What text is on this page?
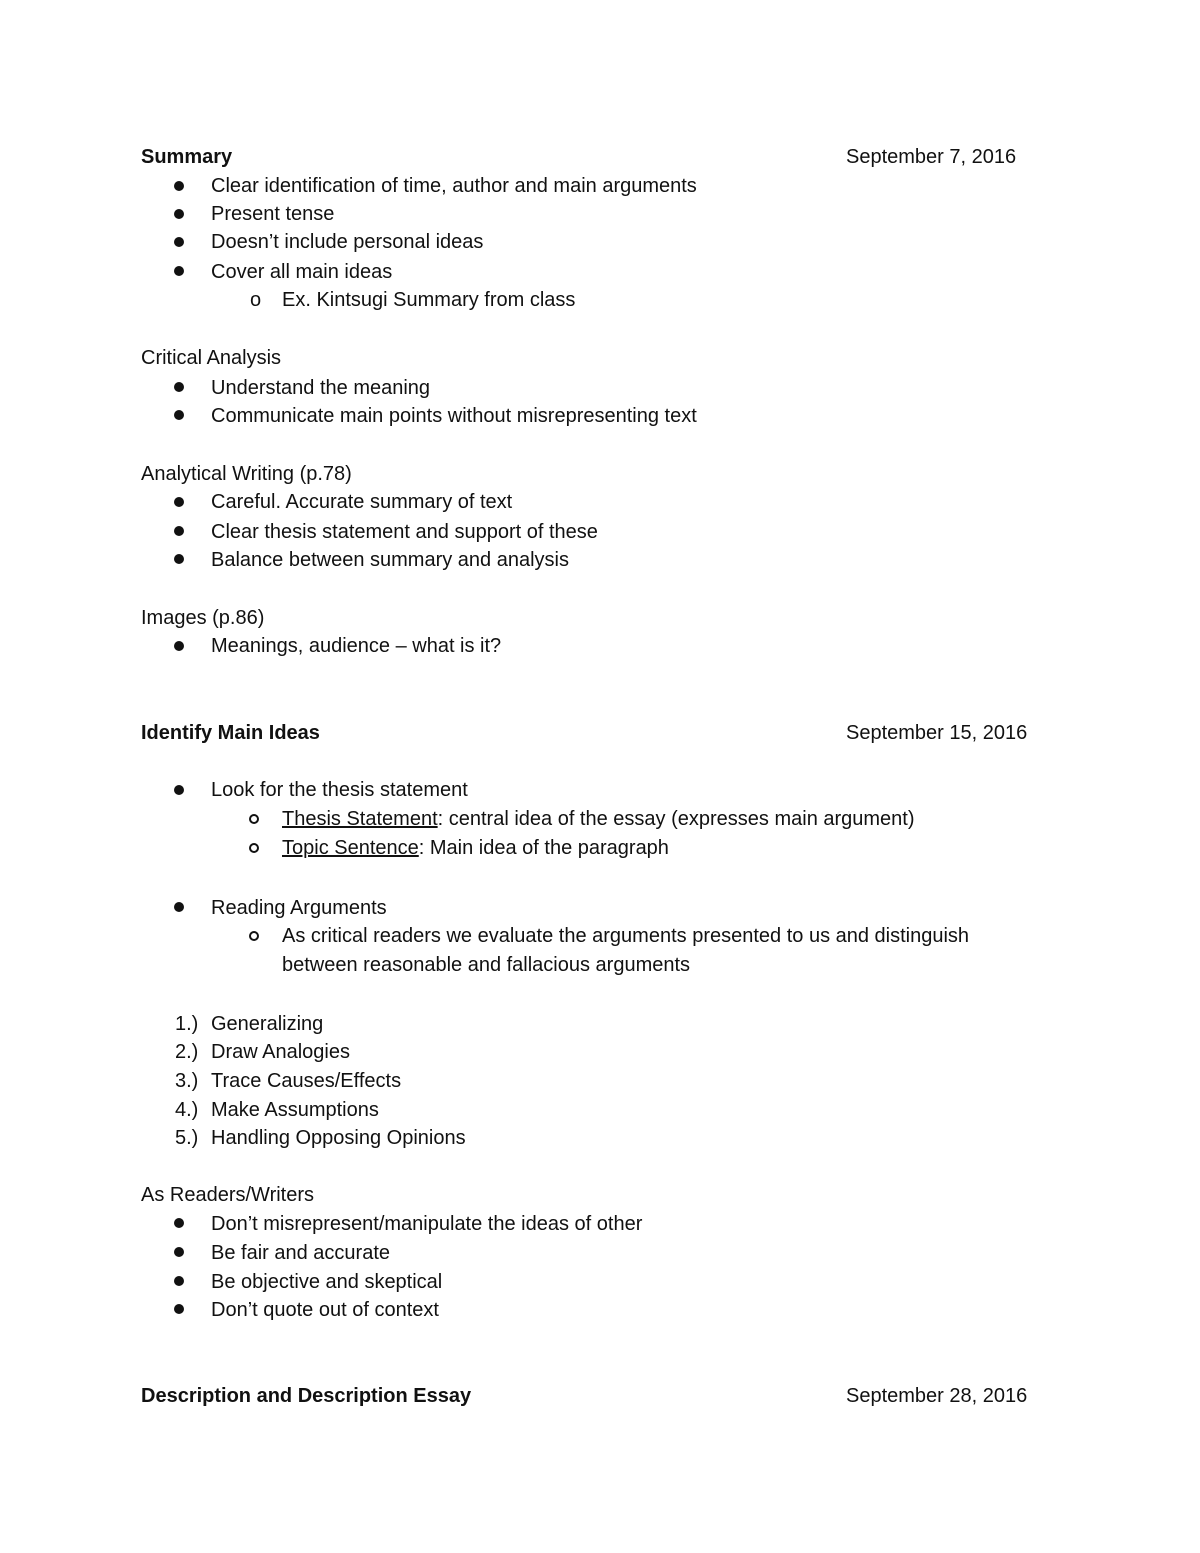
Summary	September 7, 2016
Clear identification of time, author and main arguments
Present tense
Doesn’t include personal ideas
Cover all main ideas
o Ex. Kintsugi Summary from class
Critical Analysis
Understand the meaning
Communicate main points without misrepresenting text
Analytical Writing (p.78)
Careful. Accurate summary of text
Clear thesis statement and support of these
Balance between summary and analysis
Images (p.86)
Meanings, audience – what is it?
Identify Main Ideas	September 15, 2016
Look for the thesis statement
Thesis Statement: central idea of the essay (expresses main argument)
Topic Sentence: Main idea of the paragraph
Reading Arguments
As critical readers we evaluate the arguments presented to us and distinguish
between reasonable and fallacious arguments
1.) Generalizing
2.) Draw Analogies
3.) Trace Causes/Effects
4.) Make Assumptions
5.) Handling Opposing Opinions
As Readers/Writers
Don’t misrepresent/manipulate the ideas of other
Be fair and accurate
Be objective and skeptical
Don’t quote out of context
Description and Description Essay	September 28, 2016
